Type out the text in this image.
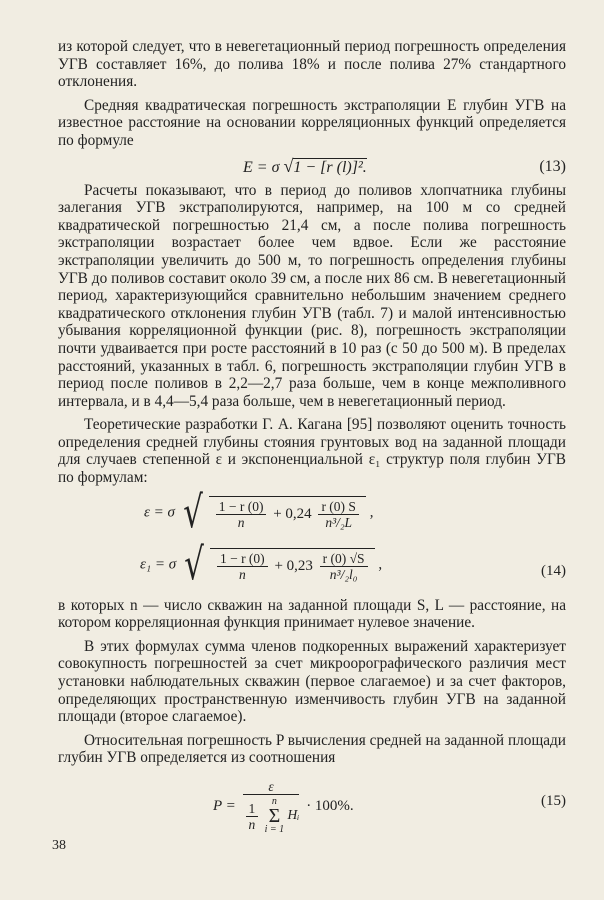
из которой следует, что в невегетационный период погрешность определения УГВ составляет 16%, до полива 18% и после полива 27% стандартного отклонения.

Средняя квадратическая погрешность экстраполяции E глубин УГВ на известное расстояние на основании корреляционных функций определяется по формуле

E = σ √1 − [r (l)]².	(13)

Расчеты показывают, что в период до поливов хлопчатника глубины залегания УГВ экстраполируются, например, на 100 м со средней квадратической погрешностью 21,4 см, а после полива погрешность экстраполяции возрастает более чем вдвое. Если же расстояние экстраполяции увеличить до 500 м, то погрешность определения глубины УГВ до поливов составит около 39 см, а после них 86 см. В невегетационный период, характеризующийся сравнительно небольшим значением среднего квадратического отклонения глубин УГВ (табл. 7) и малой интенсивностью убывания корреляционной функции (рис. 8), погрешность экстраполяции почти удваивается при росте расстояний в 10 раз (с 50 до 500 м). В пределах расстояний, указанных в табл. 6, погрешность экстраполяции глубин УГВ в период после поливов в 2,2—2,7 раза больше, чем в конце межполивного интервала, и в 4,4—5,4 раза больше, чем в невегетационный период.

Теоретические разработки Г. А. Кагана [95] позволяют оценить точность определения средней глубины стояния грунтовых вод на заданной площади для случаев степенной ε и экспоненциальной ε₁ структур поля глубин УГВ по формулам:

ε = σ √ $\frac{1 - r (0)}{n} + 0,24 \frac{r (0) S}{\text{n³/₂L}}$ ,
ε₁ = σ √ $\frac{1 - r (0)}{n} + 0,23 \frac{r (0) √S}{\text{n³/₂l₀}}$ ,	(14)

в которых n — число скважин на заданной площади S, L — расстояние, на котором корреляционная функция принимает нулевое значение.

В этих формулах сумма членов подкоренных выражений характеризует совокупность погрешностей за счет микроорографического различия мест установки наблюдательных скважин (первое слагаемое) и за счет факторов, определяющих пространственную изменчивость глубин УГВ на заданной площади (второе слагаемое).

Относительная погрешность P вычисления средней на заданной площади глубин УГВ определяется из соотношения

P =
ε
$\frac{1}{n}$
	n
Σ
i = 1
Hᵢ
· 100%.	(15)
38
